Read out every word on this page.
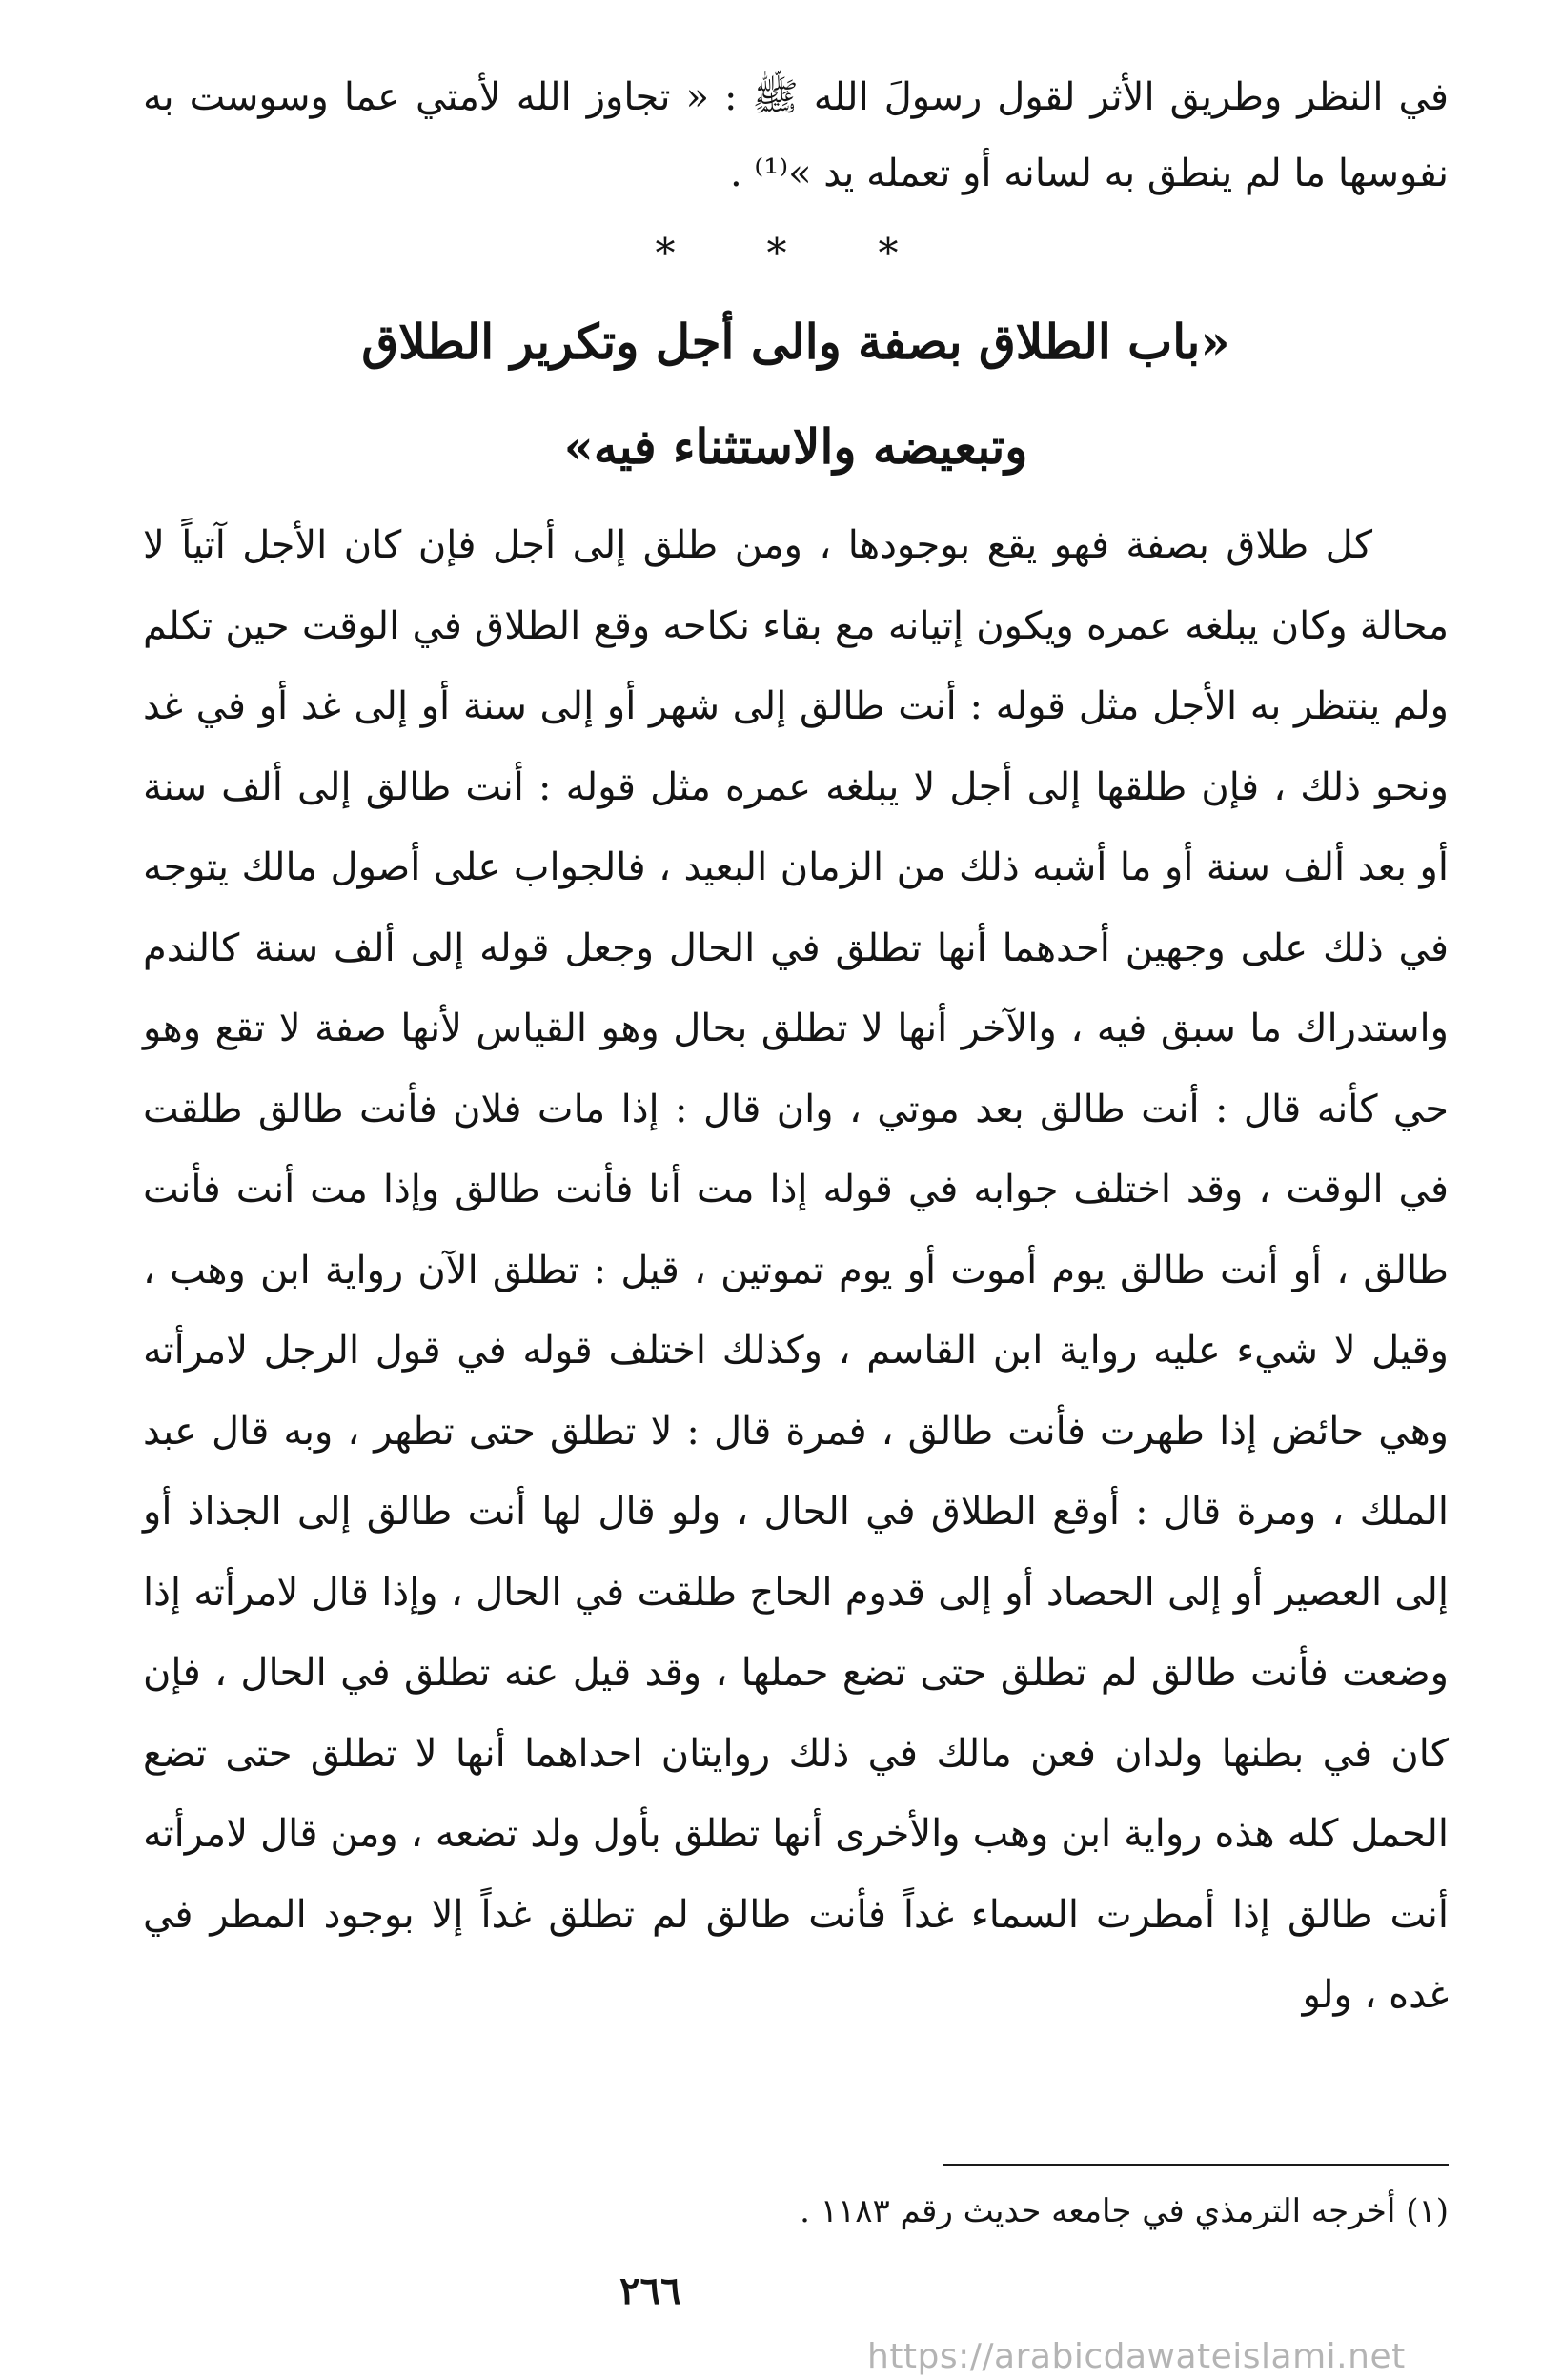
في النظر وطريق الأثر لقول رسولَ الله ﷺ : « تجاوز الله لأمتي عما وسوست به نفوسها ما لم ينطق به لسانه أو تعمله يد »⁽¹⁾ .

***
«باب الطلاق بصفة والى أجل وتكرير الطلاق
وتبعيضه والاستثناء فيه»

كل طلاق بصفة فهو يقع بوجودها ، ومن طلق إلى أجل فإن كان الأجل آتياً لا محالة وكان يبلغه عمره ويكون إتيانه مع بقاء نكاحه وقع الطلاق في الوقت حين تكلم ولم ينتظر به الأجل مثل قوله : أنت طالق إلى شهر أو إلى سنة أو إلى غد أو في غد ونحو ذلك ، فإن طلقها إلى أجل لا يبلغه عمره مثل قوله : أنت طالق إلى ألف سنة أو بعد ألف سنة أو ما أشبه ذلك من الزمان البعيد ، فالجواب على أصول مالك يتوجه في ذلك على وجهين أحدهما أنها تطلق في الحال وجعل قوله إلى ألف سنة كالندم واستدراك ما سبق فيه ، والآخر أنها لا تطلق بحال وهو القياس لأنها صفة لا تقع وهو حي كأنه قال : أنت طالق بعد موتي ، وان قال : إذا مات فلان فأنت طالق طلقت في الوقت ، وقد اختلف جوابه في قوله إذا مت أنا فأنت طالق وإذا مت أنت فأنت طالق ، أو أنت طالق يوم أموت أو يوم تموتين ، قيل : تطلق الآن رواية ابن وهب ، وقيل لا شيء عليه رواية ابن القاسم ، وكذلك اختلف قوله في قول الرجل لامرأته وهي حائض إذا طهرت فأنت طالق ، فمرة قال : لا تطلق حتى تطهر ، وبه قال عبد الملك ، ومرة قال : أوقع الطلاق في الحال ، ولو قال لها أنت طالق إلى الجذاذ أو إلى العصير أو إلى الحصاد أو إلى قدوم الحاج طلقت في الحال ، وإذا قال لامرأته إذا وضعت فأنت طالق لم تطلق حتى تضع حملها ، وقد قيل عنه تطلق في الحال ، فإن كان في بطنها ولدان فعن مالك في ذلك روايتان احداهما أنها لا تطلق حتى تضع الحمل كله هذه رواية ابن وهب والأخرى أنها تطلق بأول ولد تضعه ، ومن قال لامرأته أنت طالق إذا أمطرت السماء غداً فأنت طالق لم تطلق غداً إلا بوجود المطر في غده ، ولو

(١) أخرجه الترمذي في جامعه حديث رقم ١١٨٣ .

٢٦٦
https://arabicdawateislami.net
